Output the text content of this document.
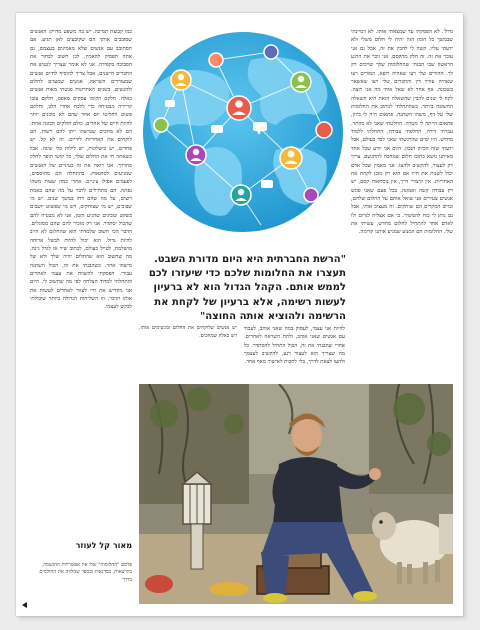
גדול'. לא הפסקתי עד שמצאתי אותו. לא דמיינתי שבמשך כל הזמן הזה יהיה לי חלום משלי ולא ידעתי עליו. קשה לי להבין את זה, אבל גם אני עובר את זה. זה חלק מהקסם. אני זוכר את הרגע הראשון שבו הבנתי שהחלומות שלך שייכים רק לך. ההורים שלי רצו שאהיה רופא, המורים רצו שאהיה עורך דין והחברים שלי רצו שאשאר בשכונה. אף אחד לא שאל אותי מה אני רוצה. לקח לי שנים להבין שהשאלה הזאת היא השאלה החשובה ביותר. כשהתחלתי לכתוב את החלומות שלי על דף, משהו השתנה. פתאום היה לי כיוון, פתאום הייתה לי מטרה. החלטתי שאני לא מוותר. עברתי דירה, החלפתי עבודה, התחלתי ללמוד מחדש. היו ימים שהרגשתי שאני לבד בעולם, אבל ידעתי שזה הכיוון הנכון. היום אני יודע שכל אחד מאיתנו נושא בתוכו חלום שמחכה להתגשם. צריך רק לעצור, להקשיב ולהעז. אני מאמין שכל אדם יכול לשנות את חייו אם הוא רק מוכן לקחת את האחריות. אין קיצורי דרך, אין נוסחאות קסם, יש רק עבודה קשה ואמונה. בכל פעם שאני פוגש אנשים צעירים אני שואל אותם על החלום שלהם, וברוב המקרים הם שותקים. זה מעציב אותי, אבל גם נותן לי כוח להמשיך. כי אם אצליח לגרום ולו לאדם אחד להתחיל לחלום מחדש, עשיתי את שלי. החלומות הם המנוע שמניע אותנו קדימה.

"הרשת החברתית היא היום מדורת השבט. תעצרו את החלומות שלכם כדי שיעזרו לכם לממש אותם. הקהל הגדול הוא לא ברעיון לעשות רשימה, אלא ברעיון של לקחת את הרשימה ולהוציא אותה החוצה"

להיות אני עצמי, לעסוק במה שאני אוהב, לעבוד עם אנשים שאני אוהב, ולתת השראה לאחרים. אחרי שהבנתי את זה, הכול התחיל להסתדר. כל מה שצריך הוא לעצור רגע, להקשיב לעצמך ולהעז לצאת לדרך, בלי לחכות לאישור מאף אחד.

יש אנשים שלוקחים את החלום ומגשימים אותו, ויש כאלה שמחכים.

כמו קבוצת תמיכה. יש בה משפט מדויק: האנשים שסובבים אותך הם שקובעים לאן תגיע. אם תסתובב עם אנשים שלא מאמינים בעצמם, גם אתה תפסיק להאמין. לכן חשוב לבחור את הסביבה בקפידה. אני לא אומר שצריך לנטוש את החברים הישנים, אבל צריך להוסיף לחיים אנשים שמעוררים השראה, אנשים שמעזים לחלום ולהגשים. בשנים האחרונות פגשתי מאות אנשים כאלה. חלקם הקימו עסקים מאפס, חלקם עזבו קריירה מבטיחה כדי ללכת אחרי הלב, וחלקם פשוט החליטו יום אחד שהם לא מוכנים יותר לחיות חיים של אחרים. כולם חולקים תכונה אחת: הם לא מחכים שמישהו ייתן להם רשות. הם לוקחים את האחריות לידיים. זה לא קל. יש פחדים, יש כישלונות, יש לילות בלי שינה. אבל כשאתה חי את החלום שלך, כל קושי הופך לחלק מהדרך. אני רואה את זה בעיניים של האנשים שמגיעים לסדנאות. בהתחלה הם מהוססים, לפעמים אפילו ציניים. אחרי כמה שעות משהו נפתח. הם מתחילים לדבר על מה שהם באמת רוצים, על מה שהם דחו במשך שנים. יש מי שבוכים, יש מי שצוחקים, ויש מי שפשוט יושבים בשקט ומבינים שהגיע הזמן. אני לא מבטיח להם שהכול יסתדר. אני רק מזכיר להם שהם מסוגלים. הדבר הכי חשוב שלמדתי הוא שהחלום לא חייב להיות גדול. הוא יכול להיות לבשל ארוחה מושלמת, לטייל בעולם, לכתוב שיר או לגדל גינה. מה שחשוב הוא שהחלום יהיה שלך ולא של מישהו אחר. כשהבנתי את זה, הכול השתנה עבורי. הפסקתי להשוות את עצמי לאחרים והתחלתי למדוד הצלחה לפי מה שחשוב לי. היום אני מקדיש את חיי לעזור לאחרים לעשות את אותו הדבר, וזו השליחות הגדולה ביותר שיכולתי לבקש לעצמי.

מאור קל לעוזר

פרסם "החלומות" שלו את אפשרויות ההגשמה, בהרצאות, בסדנאות ובספר שמלווה את החולמים בדרך
